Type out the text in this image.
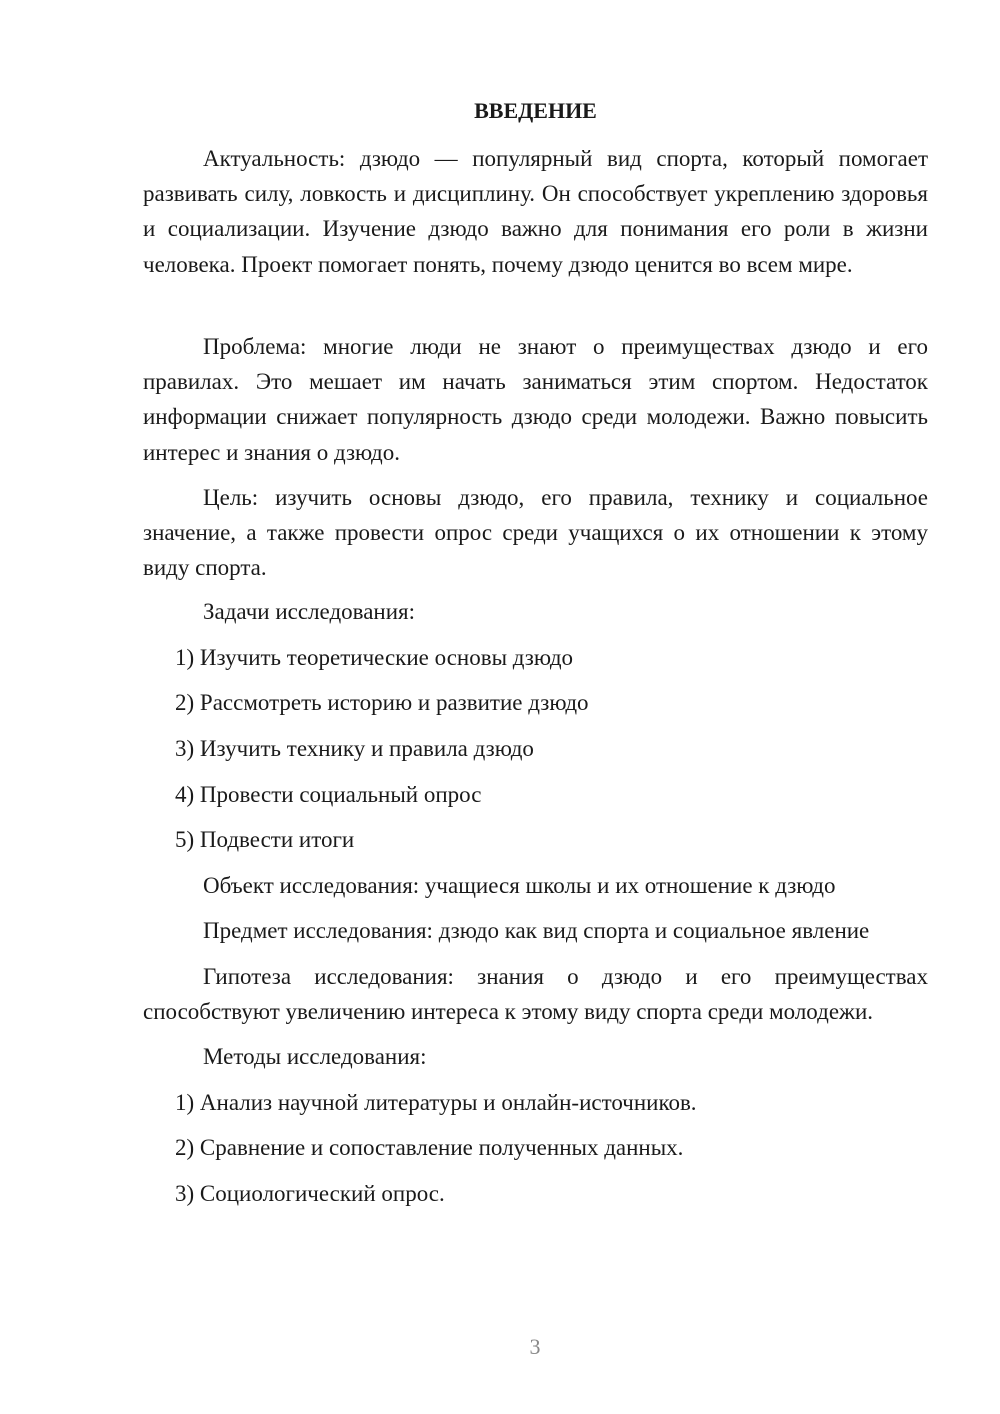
ВВЕДЕНИЕ

Актуальность: дзюдо — популярный вид спорта, который помогает развивать силу, ловкость и дисциплину. Он способствует укреплению здоровья и социализации. Изучение дзюдо важно для понимания его роли в жизни человека. Проект помогает понять, почему дзюдо ценится во всем мире.

Проблема: многие люди не знают о преимуществах дзюдо и его правилах. Это мешает им начать заниматься этим спортом. Недостаток информации снижает популярность дзюдо среди молодежи. Важно повысить интерес и знания о дзюдо.

Цель: изучить основы дзюдо, его правила, технику и социальное значение, а также провести опрос среди учащихся о их отношении к этому виду спорта.

Задачи исследования:

1) Изучить теоретические основы дзюдо

2) Рассмотреть историю и развитие дзюдо

3) Изучить технику и правила дзюдо

4) Провести социальный опрос

5) Подвести итоги

Объект исследования: учащиеся школы и их отношение к дзюдо

Предмет исследования: дзюдо как вид спорта и социальное явление

Гипотеза исследования: знания о дзюдо и его преимуществах способствуют увеличению интереса к этому виду спорта среди молодежи.

Методы исследования:

1) Анализ научной литературы и онлайн-источников.

2) Сравнение и сопоставление полученных данных.

3) Социологический опрос.

3
